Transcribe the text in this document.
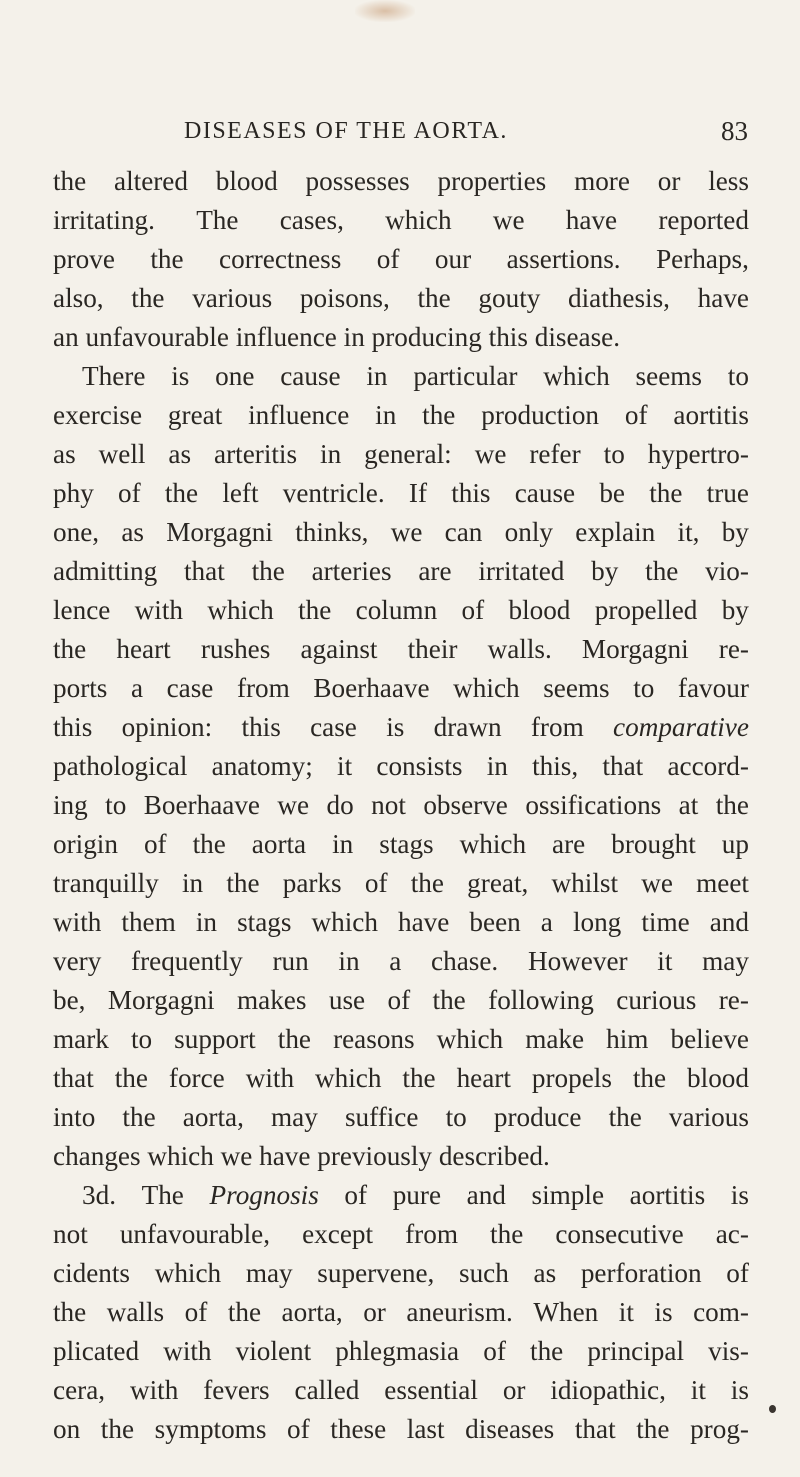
DISEASES OF THE AORTA.	83
the altered blood possesses properties more or less
irritating. The cases, which we have reported
prove the correctness of our assertions. Perhaps,
also, the various poisons, the gouty diathesis, have
an
unfavourable
influence
in
producing
this
disease.
There is one cause in particular which seems to
exercise great influence in the production of aortitis
as well as arteritis in general: we refer to hypertro-
phy of the left ventricle. If this cause be the true
one, as Morgagni thinks, we can only explain it, by
admitting that the arteries are irritated by the vio-
lence with which the column of blood propelled by
the heart rushes against their walls. Morgagni re-
ports a case from Boerhaave which seems to favour
this opinion: this case is drawn from comparative
pathological anatomy; it consists in this, that accord-
ing to Boerhaave we do not observe ossifications at the
origin of the aorta in stags which are brought up
tranquilly in the parks of the great, whilst we meet
with them in stags which have been a long time and
very frequently run in a chase. However it may
be, Morgagni makes use of the following curious re-
mark to support the reasons which make him believe
that the force with which the heart propels the blood
into the aorta, may suffice to produce the various
changes
which
we
have
previously
described.
3d. The Prognosis of pure and simple aortitis is
not unfavourable, except from the consecutive ac-
cidents which may supervene, such as perforation of
the walls of the aorta, or aneurism. When it is com-
plicated with violent phlegmasia of the principal vis-
cera, with fevers called essential or idiopathic, it is
on the symptoms of these last diseases that the prog-
